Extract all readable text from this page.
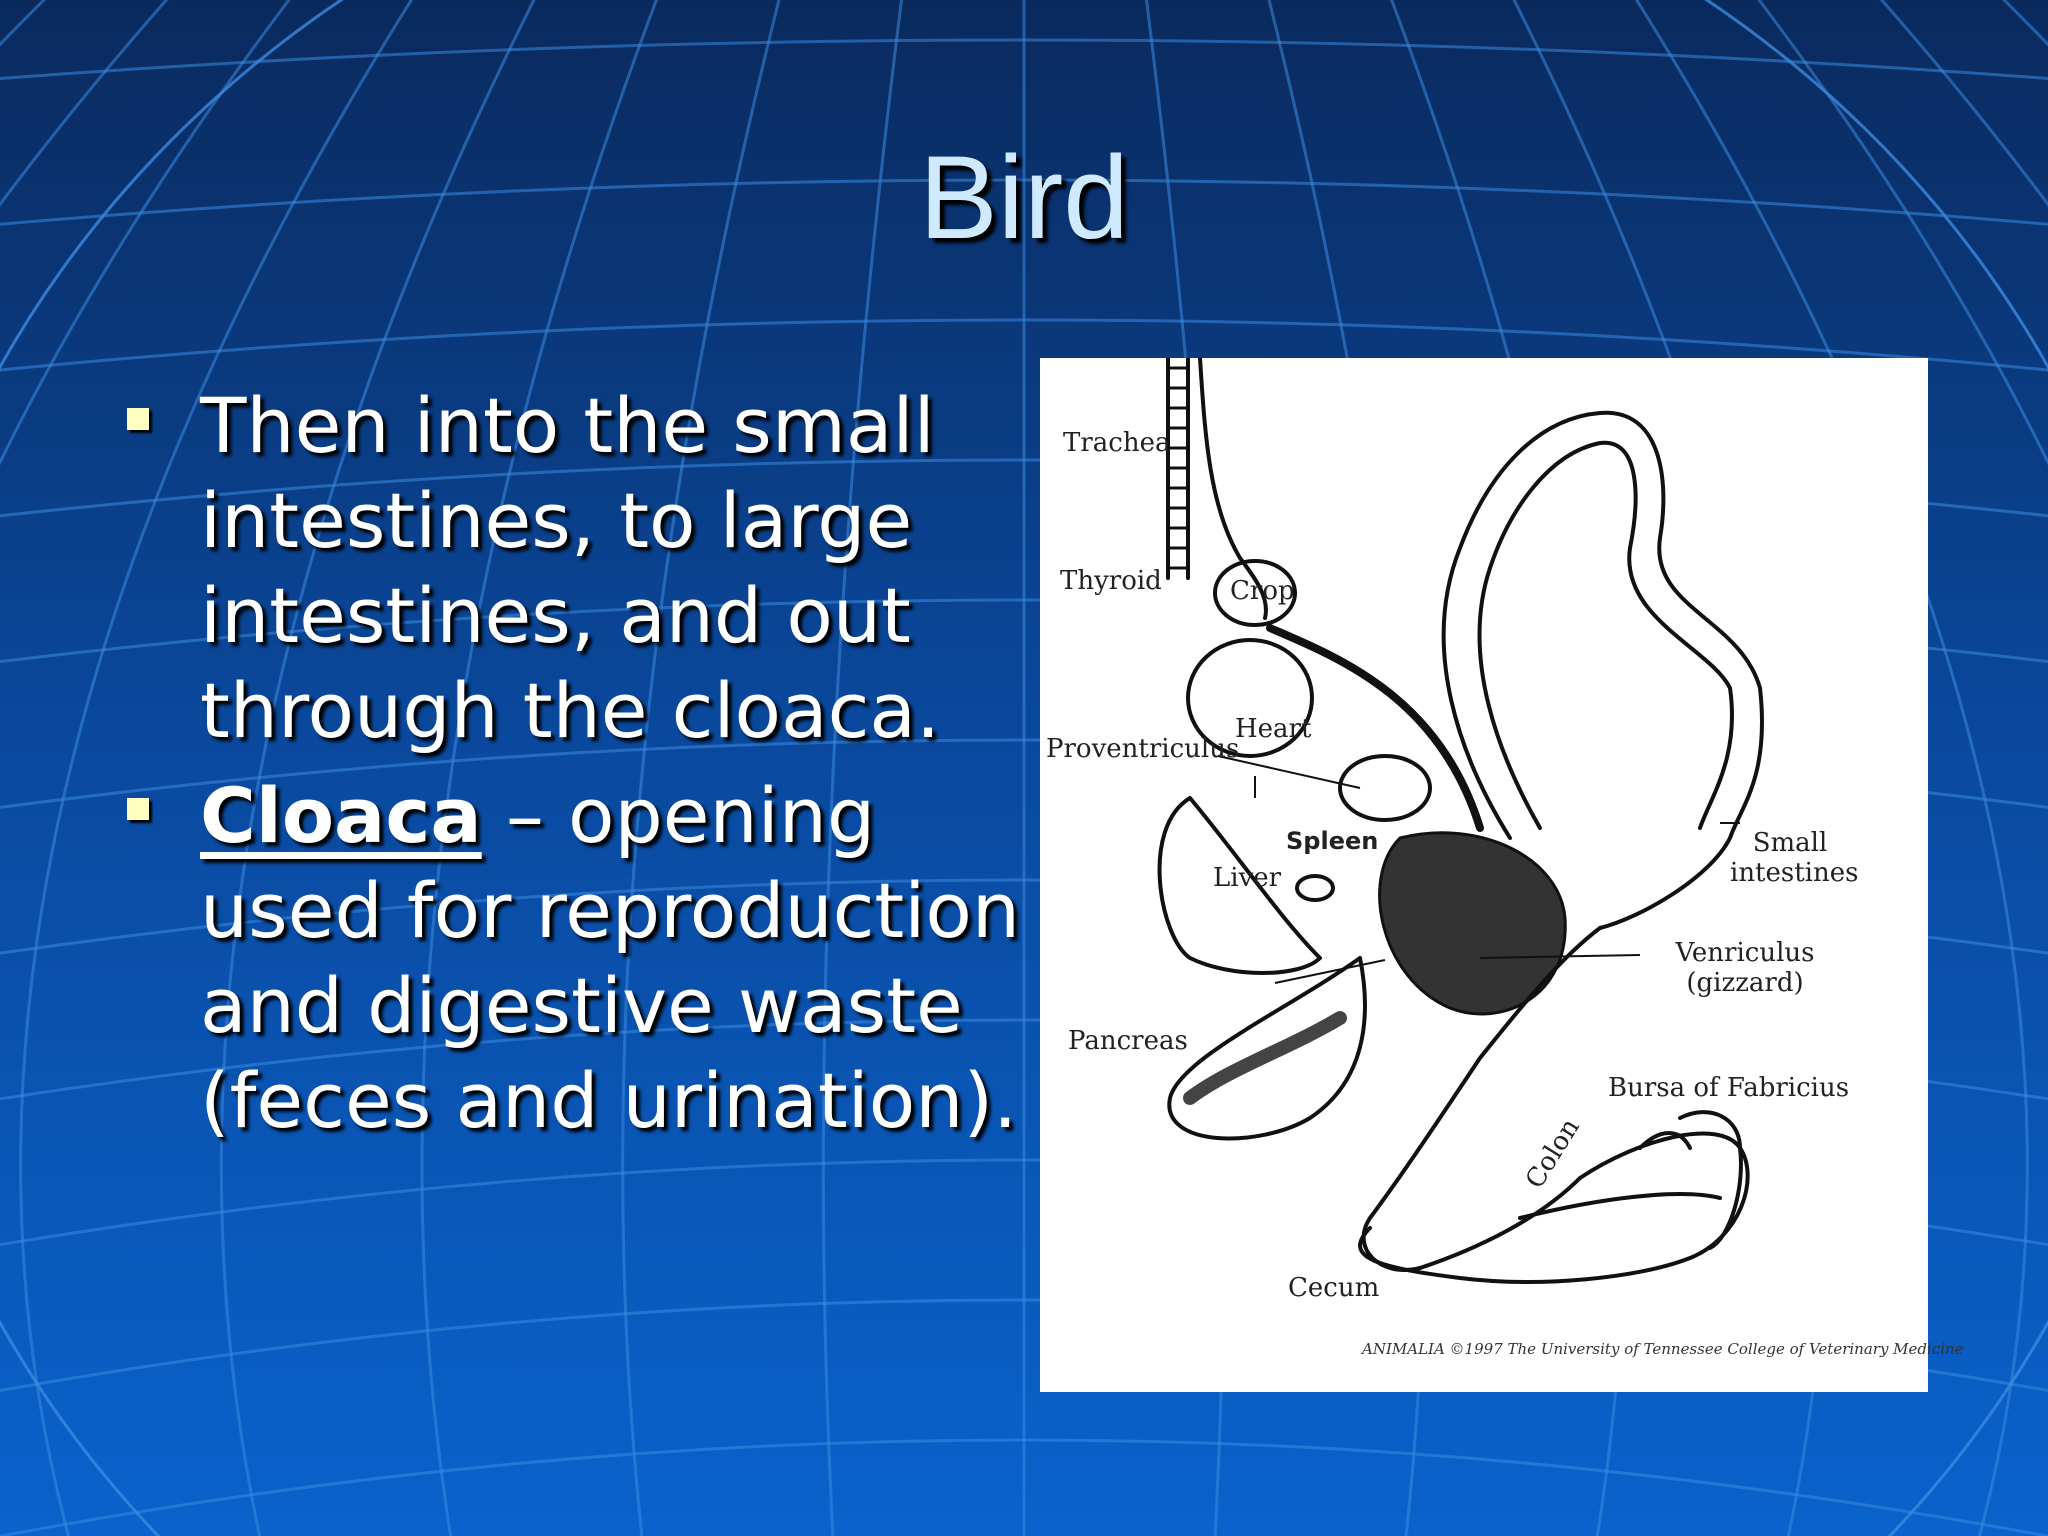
Bird
Then into the small intestines, to large intestines, and out through the cloaca.
Cloaca – opening used for reproduction and digestive waste (feces and urination).
Trachea
Thyroid	Crop
Heart
Proventriculus
Spleen
Liver
Small intestines
Venriculus (gizzard)
Pancreas
Bursa of Fabricius
Colon
Cecum
ANIMALIA ©1997 The University of Tennessee College of Veterinary Medicine
